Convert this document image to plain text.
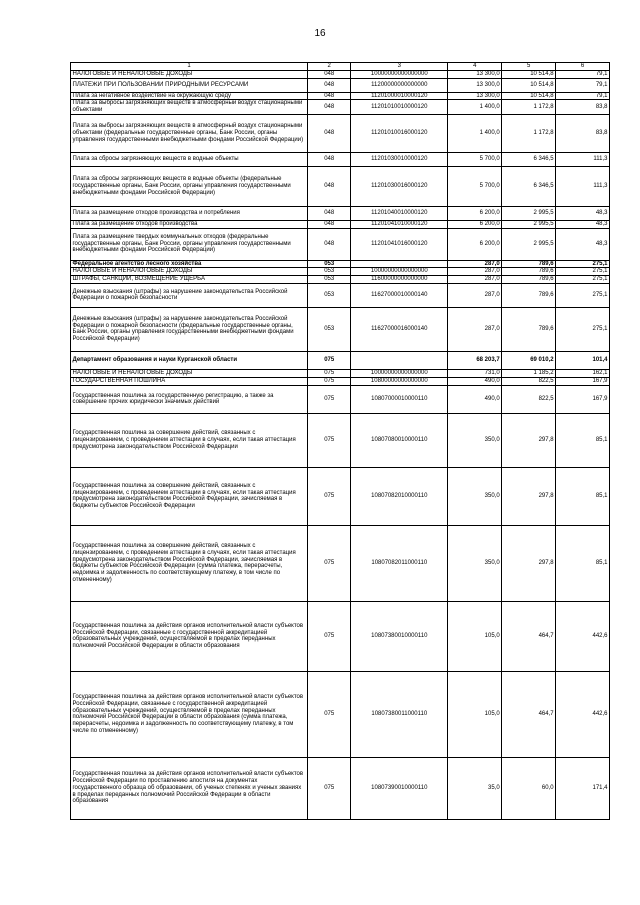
16
1	2	3	4	5	6
НАЛОГОВЫЕ И НЕНАЛОГОВЫЕ ДОХОДЫ	048	10000000000000000	13 300,0	10 514,8	79,1
ПЛАТЕЖИ ПРИ ПОЛЬЗОВАНИИ ПРИРОДНЫМИ РЕСУРСАМИ	048	11200000000000000	13 300,0	10 514,8	79,1
Плата за негативное воздействие на окружающую среду	048	11201000010000120	13 300,0	10 514,8	79,1
Плата за выбросы загрязняющих веществ в атмосферный воздух стационарными объектами	048	11201010010000120	1 400,0	1 172,8	83,8
Плата за выбросы загрязняющих веществ в атмосферный воздух стационарными объектами (федеральные государственные органы, Банк России, органы управления государственными внебюджетными фондами Российской Федерации)	048	11201010016000120	1 400,0	1 172,8	83,8
Плата за сбросы загрязняющих веществ в водные объекты	048	11201030010000120	5 700,0	6 346,5	111,3
Плата за сбросы загрязняющих веществ в водные объекты (федеральные государственные органы, Банк России, органы управления государственными внебюджетными фондами Российской Федерации)	048	11201030016000120	5 700,0	6 346,5	111,3
Плата за размещение отходов производства и потребления	048	11201040010000120	6 200,0	2 995,5	48,3
Плата за размещение отходов производства	048	11201041010000120	6 200,0	2 995,5	48,3
Плата за размещение твердых коммунальных отходов (федеральные государственные органы, Банк России, органы управления государственными внебюджетными фондами Российской Федерации)	048	11201041016000120	6 200,0	2 995,5	48,3
Федеральное агентство лесного хозяйства	053		287,0	789,6	275,1
НАЛОГОВЫЕ И НЕНАЛОГОВЫЕ ДОХОДЫ	053	10000000000000000	287,0	789,6	275,1
ШТРАФЫ, САНКЦИИ, ВОЗМЕЩЕНИЕ УЩЕРБА	053	11600000000000000	287,0	789,6	275,1
Денежные взыскания (штрафы) за нарушение законодательства Российской Федерации о пожарной безопасности	053	11627000010000140	287,0	789,6	275,1
Денежные взыскания (штрафы) за нарушение законодательства Российской Федерации о пожарной безопасности (федеральные государственные органы, Банк России, органы управления государственными внебюджетными фондами Российской Федерации)	053	11627000016000140	287,0	789,6	275,1
Департамент образования и науки Курганской области	075		68 203,7	69 010,2	101,4
НАЛОГОВЫЕ И НЕНАЛОГОВЫЕ ДОХОДЫ	075	10000000000000000	731,0	1 185,2	162,1
ГОСУДАРСТВЕННАЯ ПОШЛИНА	075	10800000000000000	490,0	822,5	167,9
Государственная пошлина за государственную регистрацию, а также за совершение прочих юридически значимых действий	075	10807000010000110	490,0	822,5	167,9
Государственная пошлина за совершение действий, связанных с лицензированием, с проведением аттестации в случаях, если такая аттестация предусмотрена законодательством Российской Федерации	075	10807080010000110	350,0	297,8	85,1
Государственная пошлина за совершение действий, связанных с лицензированием, с проведением аттестации в случаях, если такая аттестация предусмотрена законодательством Российской Федерации, зачисляемая в бюджеты субъектов Российской Федерации	075	10807082010000110	350,0	297,8	85,1
Государственная пошлина за совершение действий, связанных с лицензированием, с проведением аттестации в случаях, если такая аттестация предусмотрена законодательством Российской Федерации, зачисляемая в бюджеты субъектов Российской Федерации (сумма платежа, перерасчеты, недоимка и задолженность по соответствующему платежу, в том числе по отмененному)	075	10807082011000110	350,0	297,8	85,1
Государственная пошлина за действия органов исполнительной власти субъектов Российской Федерации, связанные с государственной аккредитацией образовательных учреждений, осуществляемой в пределах переданных полномочий Российской Федерации в области образования	075	10807380010000110	105,0	464,7	442,6
Государственная пошлина за действия органов исполнительной власти субъектов Российской Федерации, связанные с государственной аккредитацией образовательных учреждений, осуществляемой в пределах переданных полномочий Российской Федерации в области образования (сумма платежа, перерасчеты, недоимка и задолженность по соответствующему платежу, в том числе по отмененному)	075	10807380011000110	105,0	464,7	442,6
Государственная пошлина за действия органов исполнительной власти субъектов Российской Федерации по проставлению апостиля на документах государственного образца об образовании, об ученых степенях и ученых званиях в пределах переданных полномочий Российской Федерации в области образования	075	10807390010000110	35,0	60,0	171,4
